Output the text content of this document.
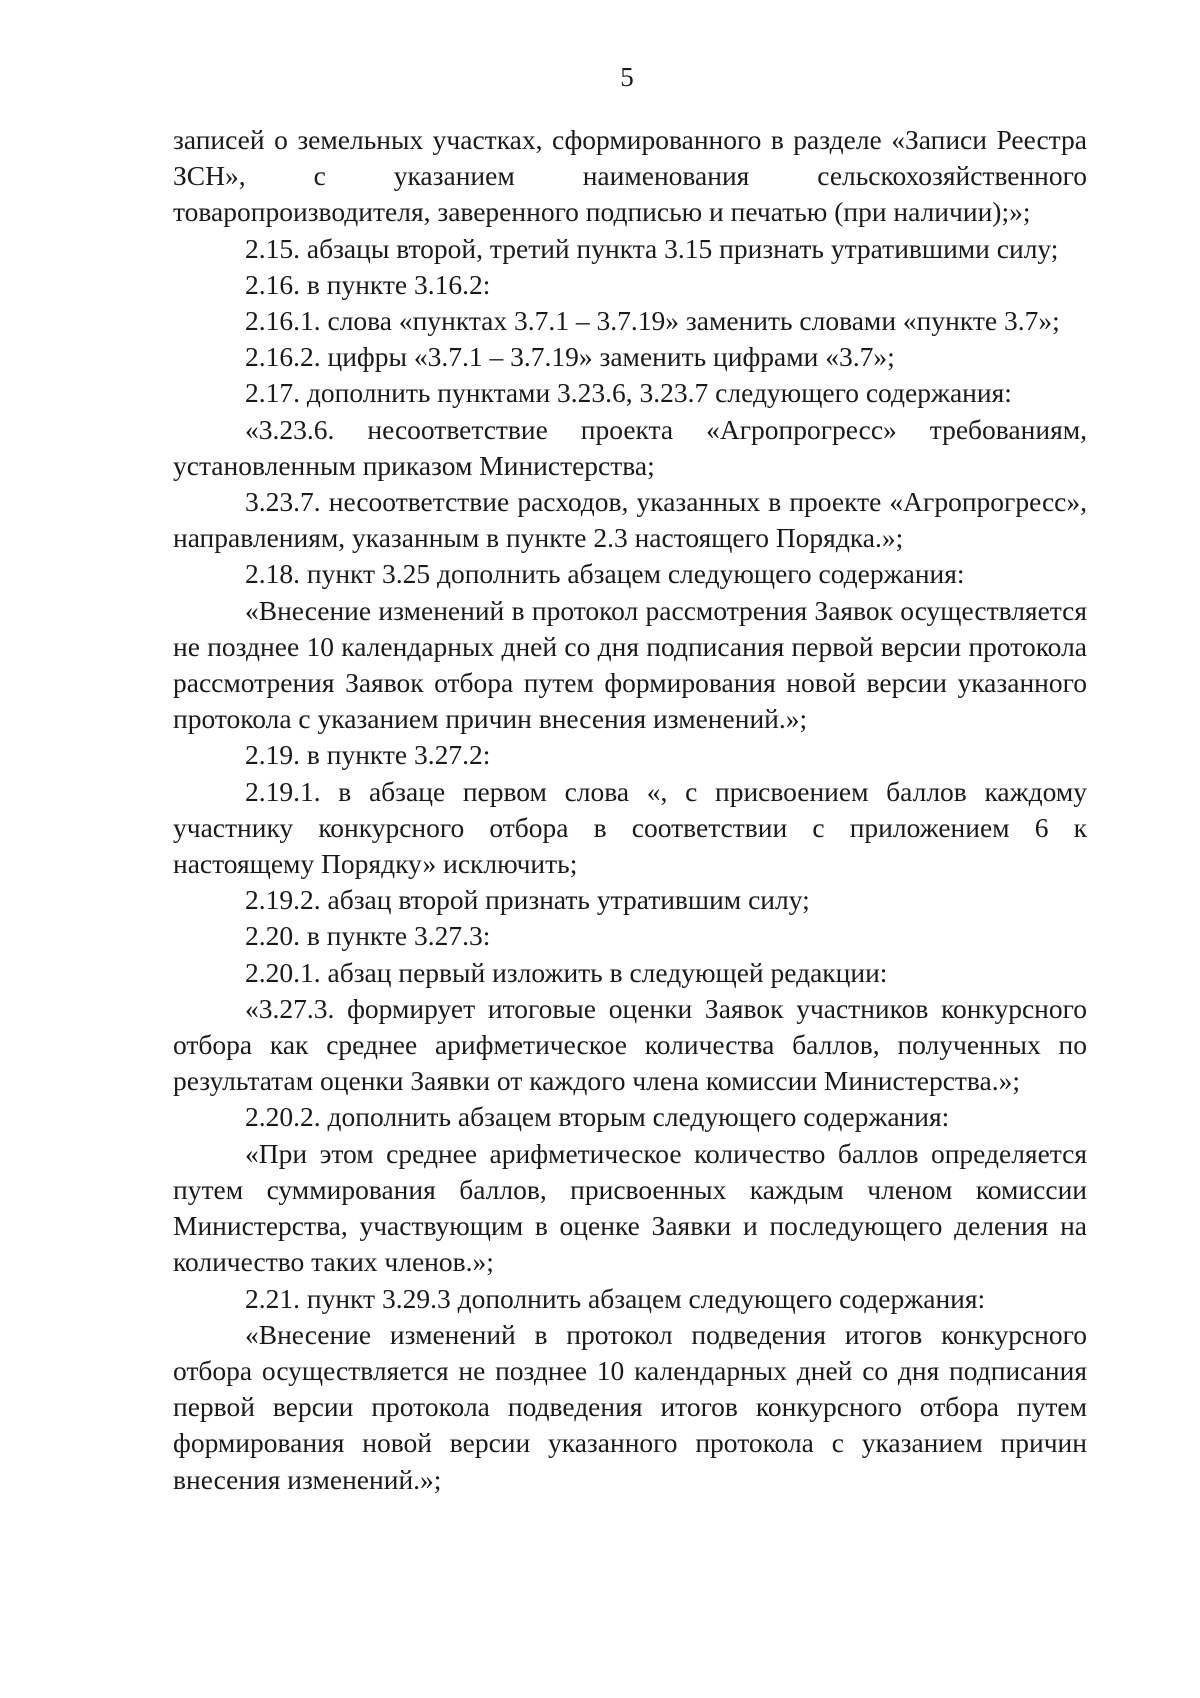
5

записей о земельных участках, сформированного в разделе «Записи Реестра ЗСН», с указанием наименования сельскохозяйственного товаропроизводителя, заверенного подписью и печатью (при наличии);»;

2.15. абзацы второй, третий пункта 3.15 признать утратившими силу;

2.16. в пункте 3.16.2:

2.16.1. слова «пунктах 3.7.1 – 3.7.19» заменить словами «пункте 3.7»;

2.16.2. цифры «3.7.1 – 3.7.19» заменить цифрами «3.7»;

2.17. дополнить пунктами 3.23.6, 3.23.7 следующего содержания:

«3.23.6. несоответствие проекта «Агропрогресс» требованиям, установленным приказом Министерства;

3.23.7. несоответствие расходов, указанных в проекте «Агропрогресс», направлениям, указанным в пункте 2.3 настоящего Порядка.»;

2.18. пункт 3.25 дополнить абзацем следующего содержания:

«Внесение изменений в протокол рассмотрения Заявок осуществляется не позднее 10 календарных дней со дня подписания первой версии протокола рассмотрения Заявок отбора путем формирования новой версии указанного протокола с указанием причин внесения изменений.»;

2.19. в пункте 3.27.2:

2.19.1. в абзаце первом слова «, с присвоением баллов каждому участнику конкурсного отбора в соответствии с приложением 6 к настоящему Порядку» исключить;

2.19.2. абзац второй признать утратившим силу;

2.20. в пункте 3.27.3:

2.20.1. абзац первый изложить в следующей редакции:

«3.27.3. формирует итоговые оценки Заявок участников конкурсного отбора как среднее арифметическое количества баллов, полученных по результатам оценки Заявки от каждого члена комиссии Министерства.»;

2.20.2. дополнить абзацем вторым следующего содержания:

«При этом среднее арифметическое количество баллов определяется путем суммирования баллов, присвоенных каждым членом комиссии Министерства, участвующим в оценке Заявки и последующего деления на количество таких членов.»;

2.21. пункт 3.29.3 дополнить абзацем следующего содержания:

«Внесение изменений в протокол подведения итогов конкурсного отбора осуществляется не позднее 10 календарных дней со дня подписания первой версии протокола подведения итогов конкурсного отбора путем формирования новой версии указанного протокола с указанием причин внесения изменений.»;
